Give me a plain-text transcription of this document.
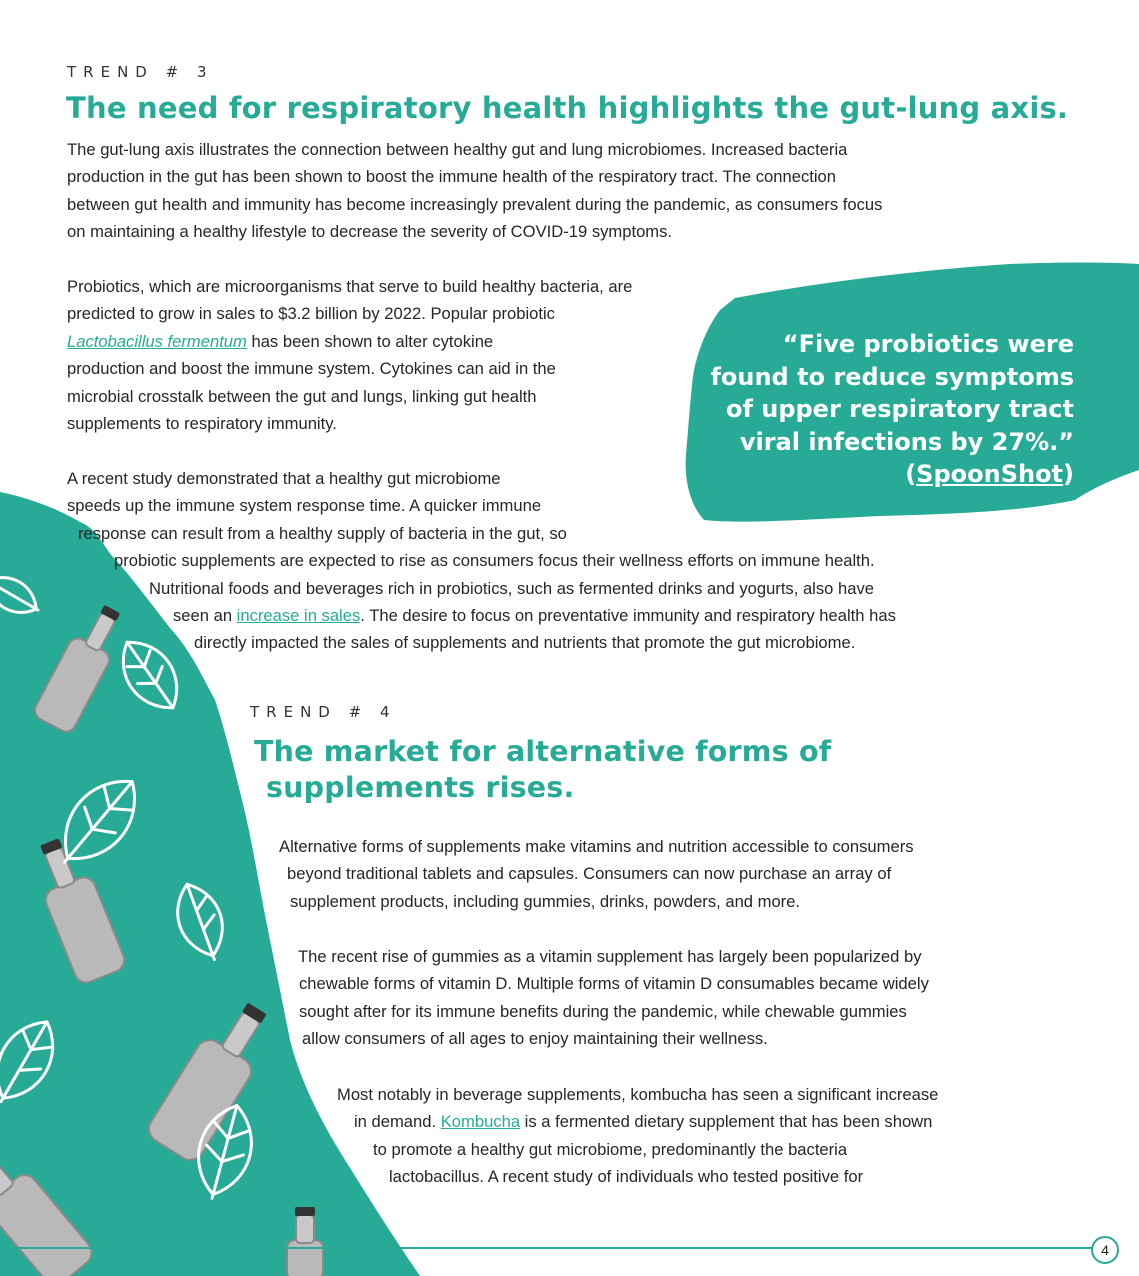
TREND # 3
The need for respiratory health highlights the gut-lung axis.

The gut-lung axis illustrates the connection between healthy gut and lung microbiomes. Increased bacteria
production in the gut has been shown to boost the immune health of the respiratory tract. The connection
between gut health and immunity has become increasingly prevalent during the pandemic, as consumers focus
on maintaining a healthy lifestyle to decrease the severity of COVID-19 symptoms.

Probiotics, which are microorganisms that serve to build healthy bacteria, are
predicted to grow in sales to $3.2 billion by 2022. Popular probiotic
Lactobacillus fermentum has been shown to alter cytokine
production and boost the immune system. Cytokines can aid in the
microbial crosstalk between the gut and lungs, linking gut health
supplements to respiratory immunity.

A recent study demonstrated that a healthy gut microbiome
speeds up the immune system response time. A quicker immune
response can result from a healthy supply of bacteria in the gut, so
probiotic supplements are expected to rise as consumers focus their wellness efforts on immune health.
Nutritional foods and beverages rich in probiotics, such as fermented drinks and yogurts, also have
seen an increase in sales. The desire to focus on preventative immunity and respiratory health has
directly impacted the sales of supplements and nutrients that promote the gut microbiome.

“Five probiotics were
found to reduce symptoms
of upper respiratory tract
viral infections by 27%.”
(SpoonShot)
TREND # 4
The market for alternative forms of
supplements rises.

Alternative forms of supplements make vitamins and nutrition accessible to consumers
beyond traditional tablets and capsules. Consumers can now purchase an array of
supplement products, including gummies, drinks, powders, and more.

The recent rise of gummies as a vitamin supplement has largely been popularized by
chewable forms of vitamin D. Multiple forms of vitamin D consumables became widely
sought after for its immune benefits during the pandemic, while chewable gummies
allow consumers of all ages to enjoy maintaining their wellness.

Most notably in beverage supplements, kombucha has seen a significant increase
in demand. Kombucha is a fermented dietary supplement that has been shown
to promote a healthy gut microbiome, predominantly the bacteria
lactobacillus. A recent study of individuals who tested positive for

4
